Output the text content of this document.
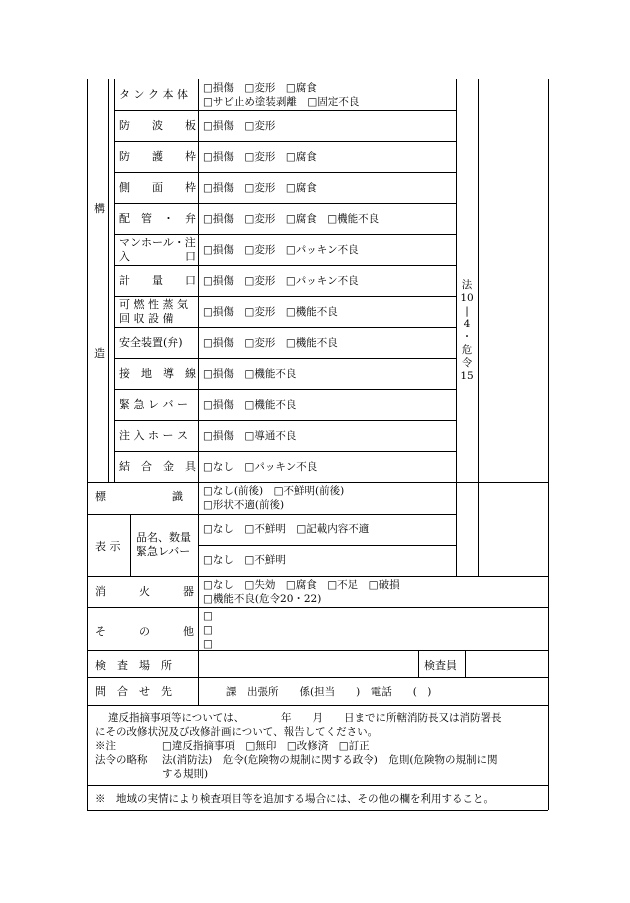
構
造
タ ン ク 本 体 □損傷　□変形　□腐食
□サビ止め塗装剥離　□固定不良
防　　波　　板 □損傷　□変形
防　　護　　枠 □損傷　□変形　□腐食
側　　面　　枠 □損傷　□変形　□腐食
配　管　・　弁 □損傷　□変形　□腐食　□機能不良
マンホール・注
入　　　　　口 □損傷　□変形　□パッキン不良
計　　量　　口 □損傷　□変形　□パッキン不良
可 燃 性 蒸 気
回 収 設 備	□損傷　□変形　□機能不良
安全装置(弁) □損傷　□変形　□機能不良
接　地　導　線 □損傷　□機能不良
緊 急 レ バ ー □損傷　□機能不良
注 入 ホ ー ス □損傷　□導通不良
結　合　金　具 □なし　□パッキン不良
法
10
|
4
・
危
令
15
標　　　　　　識 □なし(前後)　□不鮮明(前後)
□形状不適(前後)
表 示
品名、数量
緊急レバー
□なし　□不鮮明　□記載内容不適
□なし　□不鮮明
消　　　火　　　器 □なし　□失効　□腐食　□不足　□破損
□機能不良(危令20・22)
そ　　　の　　　他
□
□
□
検　査　場　所	検査員
問　合　せ　先	課　出張所　　係(担当　　)　電話　　(　)
違反指摘事項等については、　　　　年　　月　　日までに所轄消防長又は消防署長
にその改修状況及び改修計画について、報告してください。
※注	□違反指摘事項　□無印　□改修済　□訂正
法令の略称 法(消防法)　危令(危険物の規制に関する政令)　危則(危険物の規制に関
する規則)
※　地域の実情により検査項目等を追加する場合には、その他の欄を利用すること。
